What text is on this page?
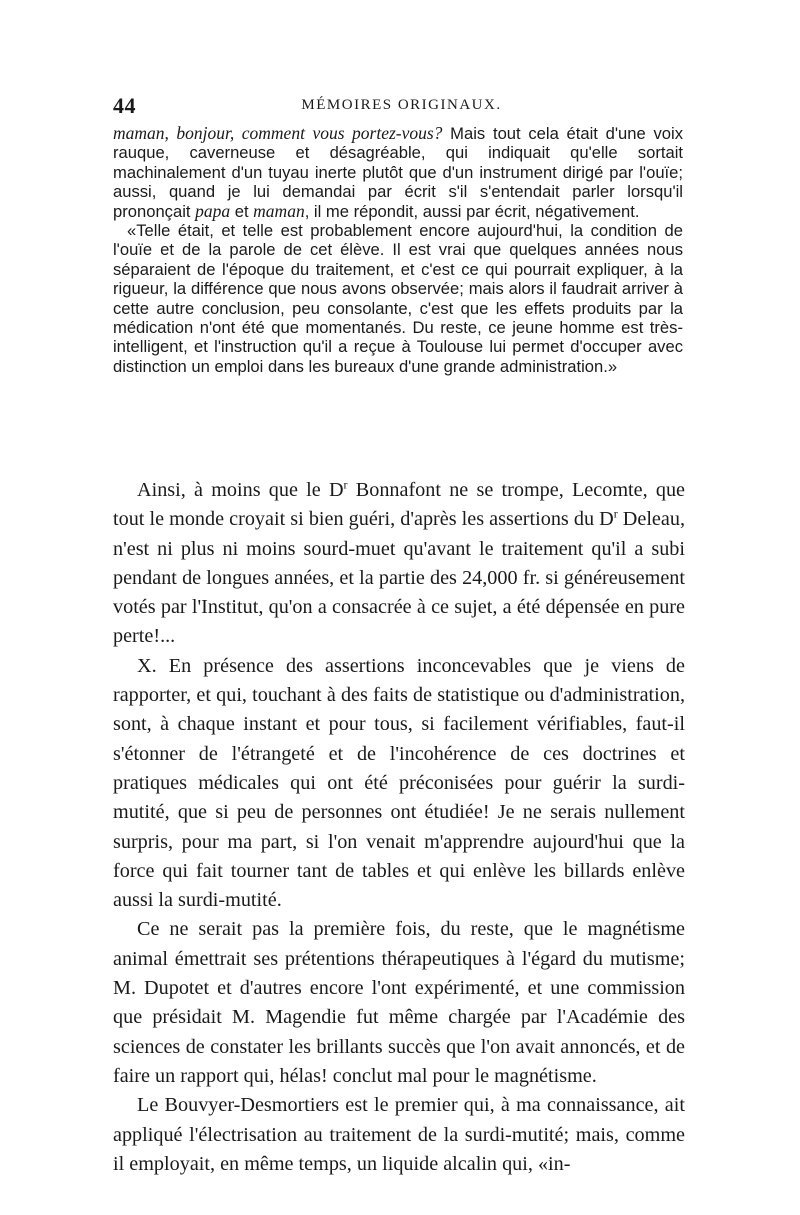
44	MÉMOIRES ORIGINAUX.

maman, bonjour, comment vous portez-vous? Mais tout cela était d'une voix rauque, caverneuse et désagréable, qui indiquait qu'elle sortait machinalement d'un tuyau inerte plutôt que d'un instrument dirigé par l'ouïe; aussi, quand je lui demandai par écrit s'il s'entendait parler lorsqu'il prononçait papa et maman, il me répondit, aussi par écrit, négativement.

«Telle était, et telle est probablement encore aujourd'hui, la condition de l'ouïe et de la parole de cet élève. Il est vrai que quelques années nous séparaient de l'époque du traitement, et c'est ce qui pourrait expliquer, à la rigueur, la différence que nous avons observée; mais alors il faudrait arriver à cette autre conclusion, peu consolante, c'est que les effets produits par la médication n'ont été que momentanés. Du reste, ce jeune homme est très-intelligent, et l'instruction qu'il a reçue à Toulouse lui permet d'occuper avec distinction un emploi dans les bureaux d'une grande administration.»

Ainsi, à moins que le $D^r$ Bonnafont ne se trompe, Lecomte, que tout le monde croyait si bien guéri, d'après les assertions du $D^r$ Deleau, n'est ni plus ni moins sourd-muet qu'avant le traitement qu'il a subi pendant de longues années, et la partie des 24,000 fr. si généreusement votés par l'Institut, qu'on a consacrée à ce sujet, a été dépensée en pure perte!...

X. En présence des assertions inconcevables que je viens de rapporter, et qui, touchant à des faits de statistique ou d'administration, sont, à chaque instant et pour tous, si facilement vérifiables, faut-il s'étonner de l'étrangeté et de l'incohérence de ces doctrines et pratiques médicales qui ont été préconisées pour guérir la surdi-mutité, que si peu de personnes ont étudiée! Je ne serais nullement surpris, pour ma part, si l'on venait m'apprendre aujourd'hui que la force qui fait tourner tant de tables et qui enlève les billards enlève aussi la surdi-mutité.

Ce ne serait pas la première fois, du reste, que le magnétisme animal émettrait ses prétentions thérapeutiques à l'égard du mutisme; M. Dupotet et d'autres encore l'ont expérimenté, et une commission que présidait M. Magendie fut même chargée par l'Académie des sciences de constater les brillants succès que l'on avait annoncés, et de faire un rapport qui, hélas! conclut mal pour le magnétisme.

Le Bouvyer-Desmortiers est le premier qui, à ma connaissance, ait appliqué l'électrisation au traitement de la surdi-mutité; mais, comme il employait, en même temps, un liquide alcalin qui, «in-
